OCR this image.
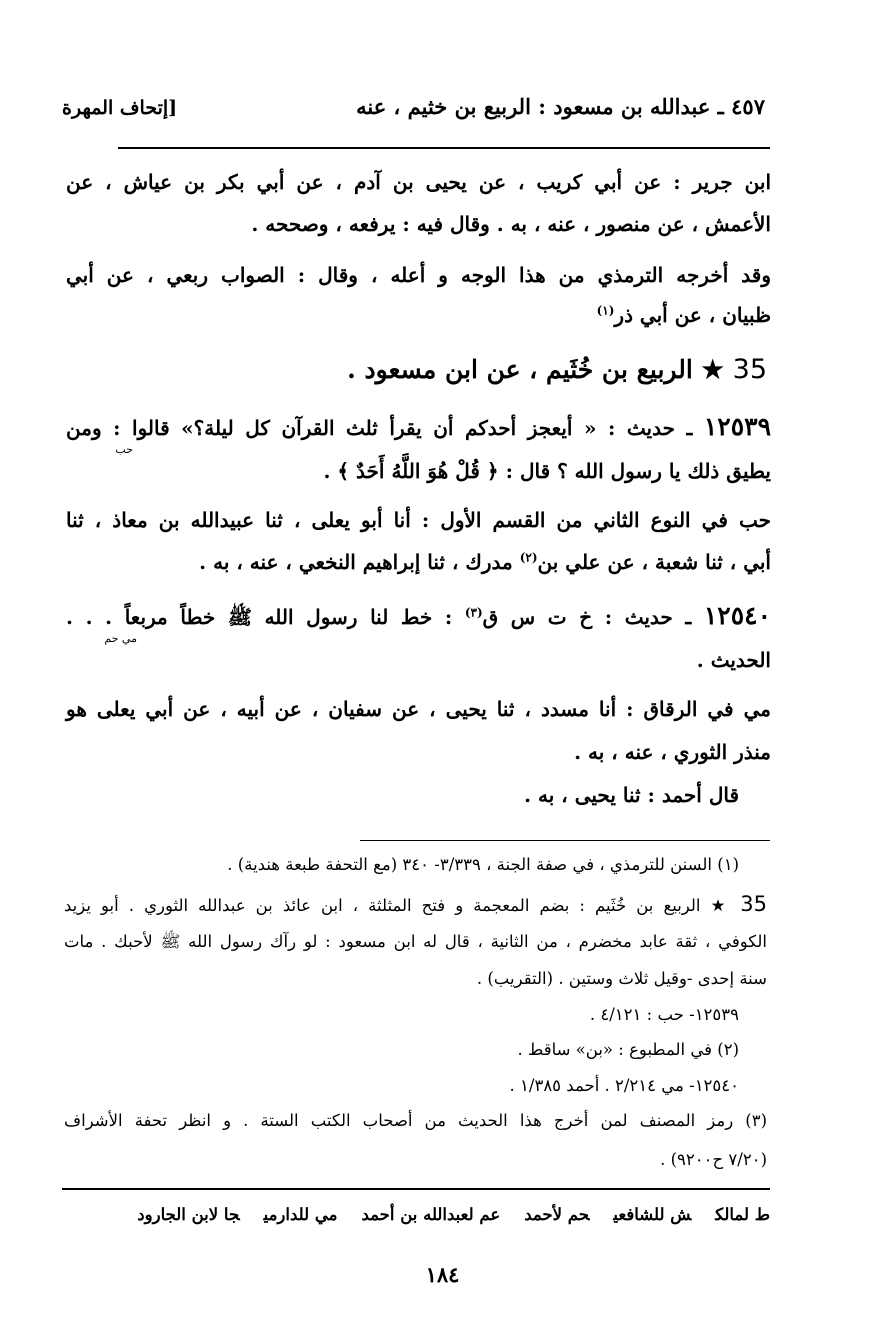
٤٥٧ ـ عبدالله بن مسعود : الربيع بن خثيم ، عنه
[إتحاف المهرة
ابن جرير : عن أبي كريب ، عن يحيى بن آدم ، عن أبي بكر بن عياش ، عن
الأعمش ، عن منصور ، عنه ، به . وقال فيه : يرفعه ، وصححه .
وقد أخرجه الترمذي من هذا الوجه و أعله ، وقال : الصواب ربعي ، عن أبي
ظبيان ، عن أبي ذر$^{(١)}$
35 ★ الربيع بن خُثَيم ، عن ابن مسعود .
١٢٥٣٩ ـ حديث : « أيعجز أحدكم أن يقرأ ثلث القرآن كل ليلة؟» قالوا : ومن
حب
يطيق ذلك يا رسول الله ؟ قال : ﴿ قُلْ هُوَ اللَّهُ أَحَدٌ ﴾ .
حب في النوع الثاني من القسم الأول : أنا أبو يعلى ، ثنا عبيدالله بن معاذ ، ثنا
أبي ، ثنا شعبة ، عن علي بن$^{(٢)}$ مدرك ، ثنا إبراهيم النخعي ، عنه ، به .
١٢٥٤٠ ـ حديث : خ ت س ق$^{(٣)}$ : خط لنا رسول الله ﷺ خطاً مربعاً . . .
مي حم
الحديث .
مي في الرقاق : أنا مسدد ، ثنا يحيى ، عن سفيان ، عن أبيه ، عن أبي يعلى هو
منذر الثوري ، عنه ، به .
قال أحمد : ثنا يحيى ، به .
(١) السنن للترمذي ، في صفة الجنة ، ٣/٣٣٩- ٣٤٠ (مع التحفة طبعة هندية) .
35 ★ الربيع بن خُثَيم : بضم المعجمة و فتح المثلثة ، ابن عائذ بن عبدالله الثوري . أبو يزيد
الكوفي ، ثقة عابد مخضرم ، من الثانية ، قال له ابن مسعود : لو رآك رسول الله ﷺ لأحبك . مات
سنة إحدى -وقيل ثلاث وستين . (التقريب) .
١٢٥٣٩- حب : ٤/١٢١ .
(٢) في المطبوع : «بن» ساقط .
١٢٥٤٠- مي ٢/٢١٤ . أحمد ١/٣٨٥ .
(٣) رمز المصنف لمن أخرج هذا الحديث من أصحاب الكتب الستة . و انظر تحفة الأشراف
(٧/٢٠ ح٩٢٠٠) .
ط لمالكش للشافعيحم لأحمدعم لعبدالله بن أحمدمي للدارميجا لابن الجارود
١٨٤
